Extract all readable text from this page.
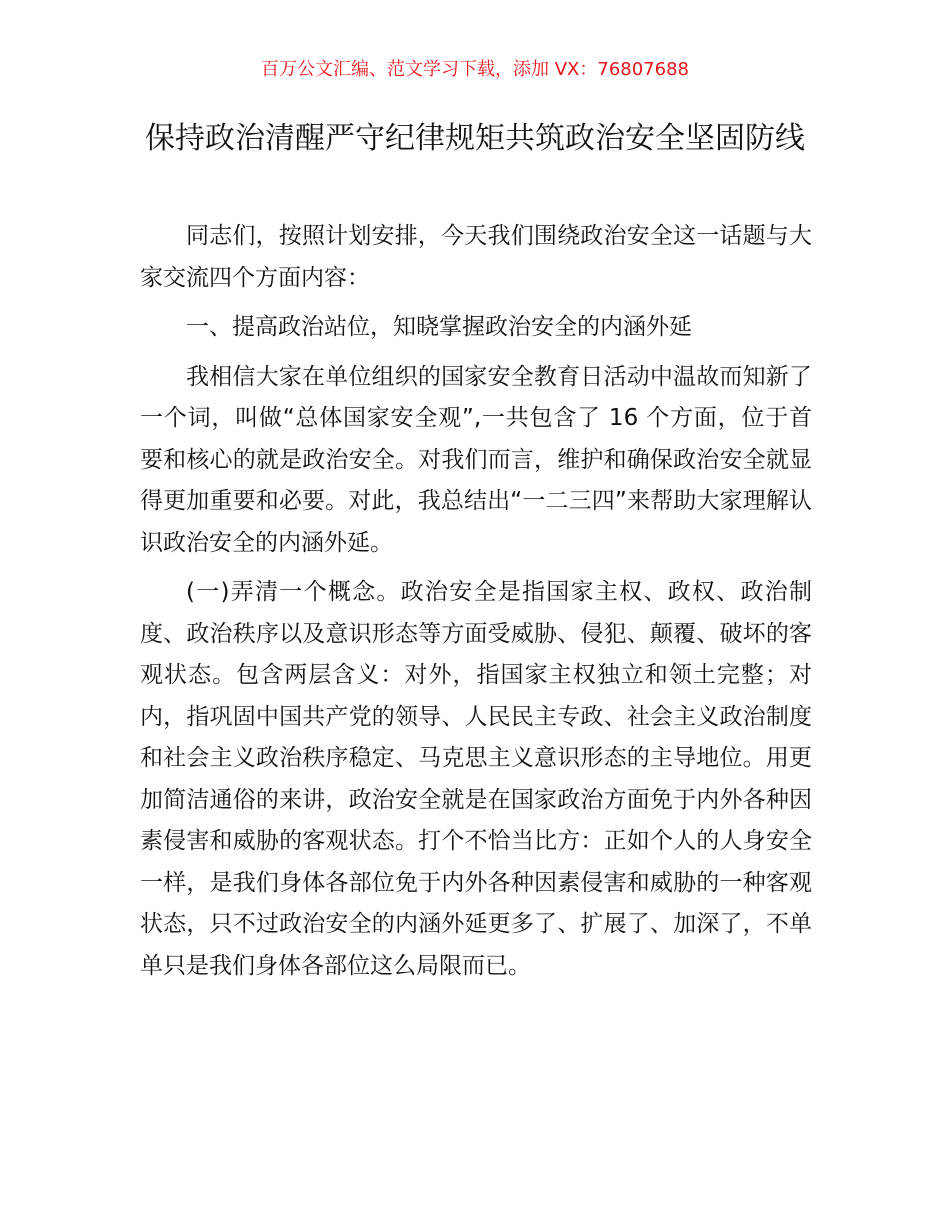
百万公文汇编、范文学习下载，添加 VX：76807688
保持政治清醒严守纪律规矩共筑政治安全坚固防线

同志们，按照计划安排，今天我们围绕政治安全这一话题与大家交流四个方面内容：

一、提高政治站位，知晓掌握政治安全的内涵外延

我相信大家在单位组织的国家安全教育日活动中温故而知新了一个词，叫做“总体国家安全观”,一共包含了 16 个方面，位于首要和核心的就是政治安全。对我们而言，维护和确保政治安全就显得更加重要和必要。对此，我总结出“一二三四”来帮助大家理解认识政治安全的内涵外延。

(一)弄清一个概念。政治安全是指国家主权、政权、政治制度、政治秩序以及意识形态等方面受威胁、侵犯、颠覆、破坏的客观状态。包含两层含义：对外，指国家主权独立和领土完整；对内，指巩固中国共产党的领导、人民民主专政、社会主义政治制度和社会主义政治秩序稳定、马克思主义意识形态的主导地位。用更加简洁通俗的来讲，政治安全就是在国家政治方面免于内外各种因素侵害和威胁的客观状态。打个不恰当比方：正如个人的人身安全一样，是我们身体各部位免于内外各种因素侵害和威胁的一种客观状态，只不过政治安全的内涵外延更多了、扩展了、加深了，不单单只是我们身体各部位这么局限而已。
